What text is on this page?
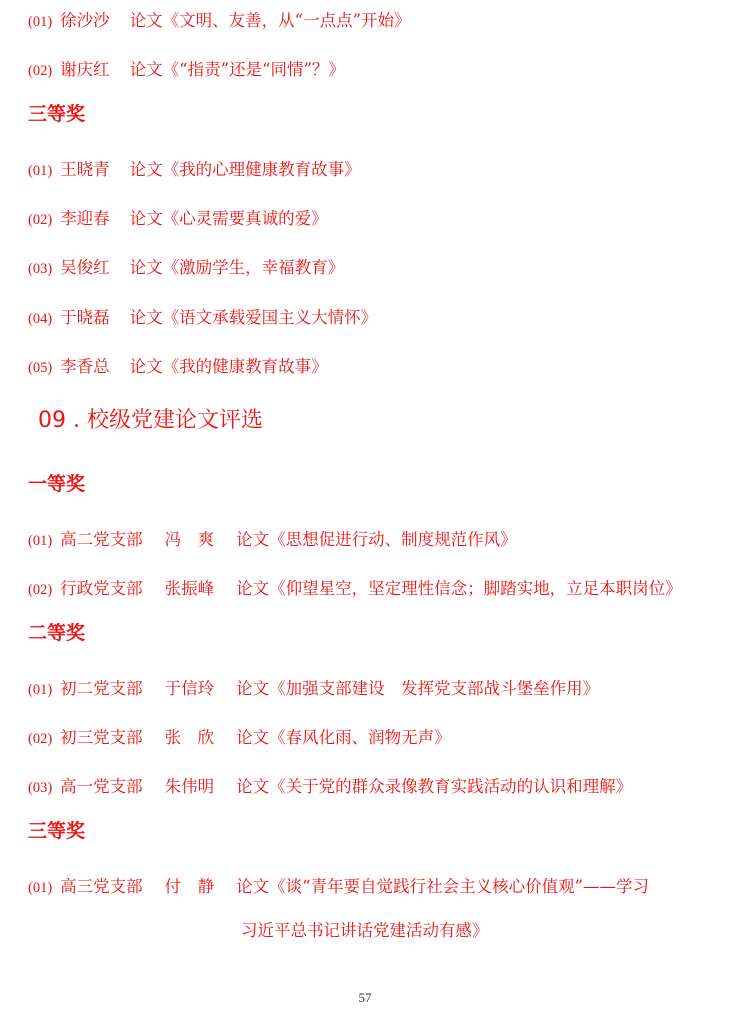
(01) 徐沙沙 论文《文明、友善，从“一点点”开始》
(02) 谢庆红 论文《“指责”还是“同情”？》
三等奖
(01) 王晓青 论文《我的心理健康教育故事》
(02) 李迎春 论文《心灵需要真诚的爱》
(03) 吴俊红 论文《激励学生，幸福教育》
(04) 于晓磊 论文《语文承载爱国主义大情怀》
(05) 李香总 论文《我的健康教育故事》
09 . 校级党建论文评选
一等奖
(01) 高二党支部 冯　爽 论文《思想促进行动、制度规范作风》
(02) 行政党支部 张振峰 论文《仰望星空，坚定理性信念；脚踏实地，立足本职岗位》
二等奖
(01) 初二党支部 于信玲 论文《加强支部建设　发挥党支部战斗堡垒作用》
(02) 初三党支部 张　欣 论文《春风化雨、润物无声》
(03) 高一党支部 朱伟明 论文《关于党的群众录像教育实践活动的认识和理解》
三等奖
(01) 高三党支部 付　静 论文《谈“青年要自觉践行社会主义核心价值观”——学习
习近平总书记讲话党建活动有感》
57
